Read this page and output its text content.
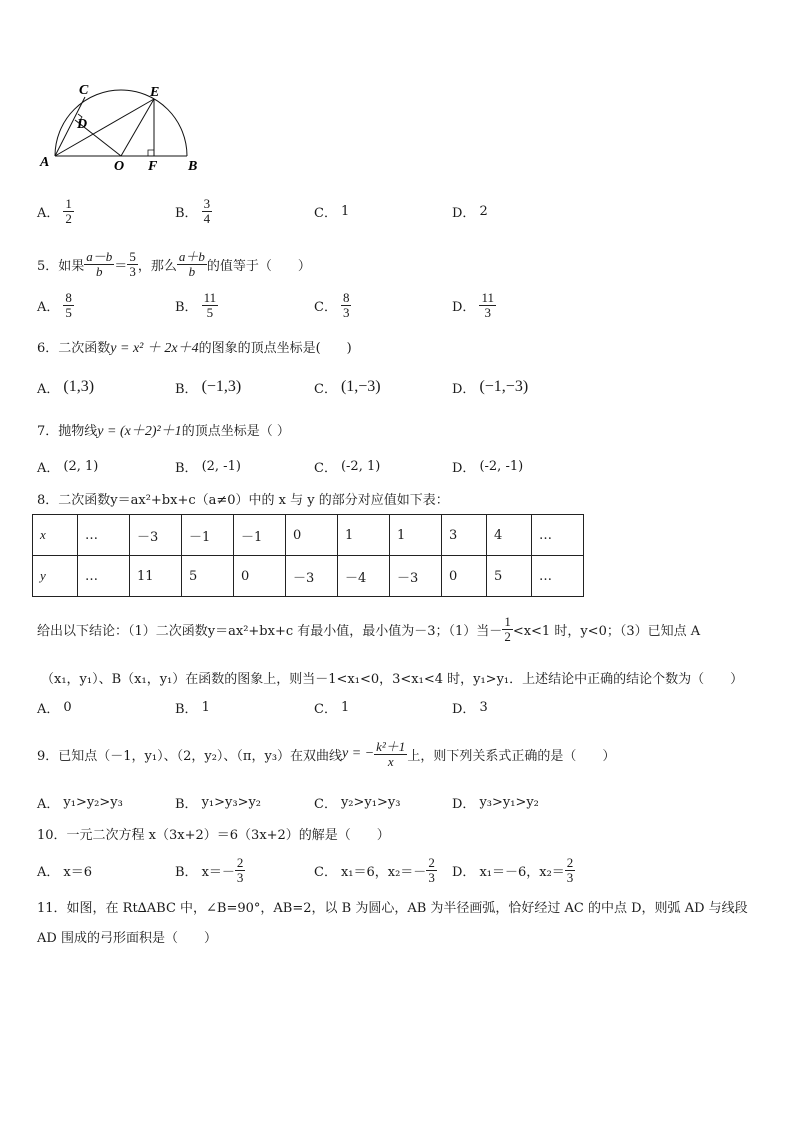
A
C
D
E
O F B
A． $\frac{1}{2}$	B． $\frac{3}{4}$	C． 1	D． 2
5．如果 $\frac{a-b}{b} = \frac{5}{3}$ ，那么 $\frac{a+b}{b}$ 的值等于（　　）
A． $\frac{8}{5}$	B． $\frac{11}{5}$	C． $\frac{8}{3}$	D． $\frac{11}{3}$
6．二次函数y = x² ＋ 2x＋4的图象的顶点坐标是(　　)
A． (1,3)	B． (−1,3)	C． (1,−3)	D． (−1,−3)
7．抛物线y = (x＋2)²＋1的顶点坐标是（ ）
A． (2, 1)	B． (2, -1)	C． (-2, 1)	D． (-2, -1)
8．二次函数y＝ax²+bx+c（a≠0）中的 x 与 y 的部分对应值如下表：
x	…	－3	－1	－1	0	1	1	3	4	…
y	…	11	5	0	－3	－4	－3	0	5	…
给出以下结论：（1）二次函数y＝ax²+bx+c 有最小值，最小值为－3；（1）当－ $\frac{1}{2} <x<1$ 时，y<0；（3）已知点 A
（x₁，y₁）、B（x₁，y₁）在函数的图象上，则当－1<x₁<0，3<x₁<4 时，y₁>y₁．上述结论中正确的结论个数为（　　）
A． 0	B． 1	C． 1	D． 3
9．已知点（－1，y₁）、（2，y₂）、（π，y₃）在双曲线 y = − $\frac{\text{k²＋1}}{x}$ 上，则下列关系式正确的是（　　）
A． y₁>y₂>y₃	B． y₁>y₃>y₂	C． y₂>y₁>y₃	D． y₃>y₁>y₂
10．一元二次方程 x（3x+2）＝6（3x+2）的解是（　　）
A． x＝6	B． $x=- \frac{2}{3}$	C． x₁＝6，$x_2=- \frac{2}{3}$ D． x₁＝－6，$x_2= \frac{2}{3}$
11．如图，在 Rt∆ABC 中，∠B=90°，AB=2，以 B 为圆心，AB 为半径画弧，恰好经过 AC 的中点 D，则弧 AD 与线段
AD 围成的弓形面积是（　　）
